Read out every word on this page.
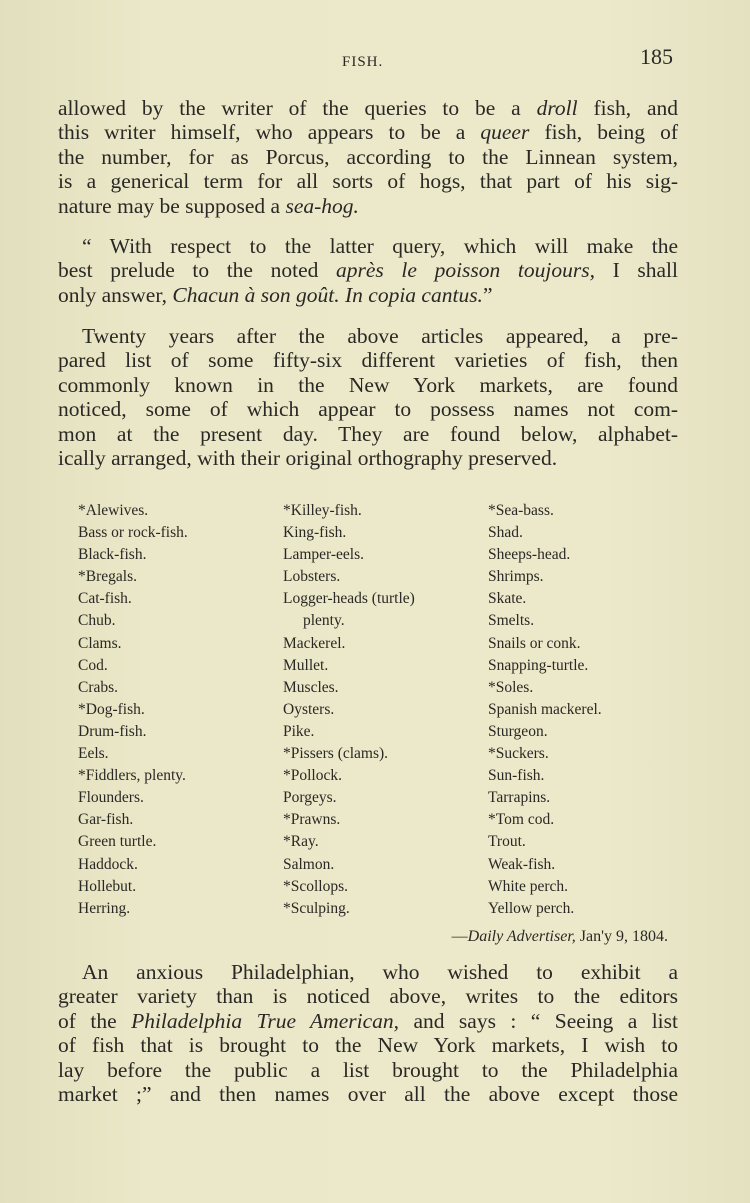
FISH.	185

allowed by the writer of the queries to be a droll fish, and
this writer himself, who appears to be a queer fish, being of
the number, for as Porcus, according to the Linnean system,
is a generical term for all sorts of hogs, that part of his sig-
nature may be supposed a sea-hog.

“ With respect to the latter query, which will make the
best prelude to the noted après le poisson toujours, I shall
only answer, Chacun à son goût. In copia cantus.”

Twenty years after the above articles appeared, a pre-
pared list of some fifty-six different varieties of fish, then
commonly known in the New York markets, are found
noticed, some of which appear to possess names not com-
mon at the present day. They are found below, alphabet-
ically arranged, with their original orthography preserved.

*Alewives.
Bass or rock-fish.
Black-fish.
*Bregals.
Cat-fish.
Chub.
Clams.
Cod.
Crabs.
*Dog-fish.
Drum-fish.
Eels.
*Fiddlers, plenty.
Flounders.
Gar-fish.
Green turtle.
Haddock.
Hollebut.
Herring.
*Killey-fish.
King-fish.
Lamper-eels.
Lobsters.
Logger-heads (turtle)
plenty.
Mackerel.
Mullet.
Muscles.
Oysters.
Pike.
*Pissers (clams).
*Pollock.
Porgeys.
*Prawns.
*Ray.
Salmon.
*Scollops.
*Sculping.
*Sea-bass.
Shad.
Sheeps-head.
Shrimps.
Skate.
Smelts.
Snails or conk.
Snapping-turtle.
*Soles.
Spanish mackerel.
Sturgeon.
*Suckers.
Sun-fish.
Tarrapins.
*Tom cod.
Trout.
Weak-fish.
White perch.
Yellow perch.
—Daily Advertiser, Jan'y 9, 1804.

An anxious Philadelphian, who wished to exhibit a
greater variety than is noticed above, writes to the editors
of the Philadelphia True American, and says : “ Seeing a list
of fish that is brought to the New York markets, I wish to
lay before the public a list brought to the Philadelphia
market ;” and then names over all the above except those
